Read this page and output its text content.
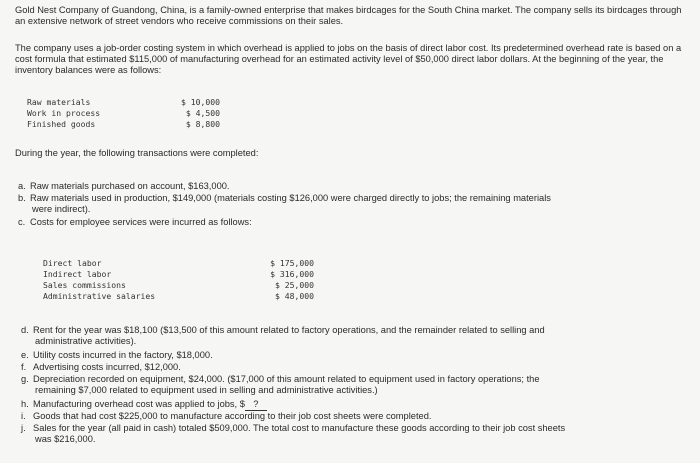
Gold Nest Company of Guandong, China, is a family-owned enterprise that makes birdcages for the South China market. The company sells its birdcages through an extensive network of street vendors who receive commissions on their sales.
The company uses a job-order costing system in which overhead is applied to jobs on the basis of direct labor cost. Its predetermined overhead rate is based on a cost formula that estimated $115,000 of manufacturing overhead for an estimated activity level of $50,000 direct labor dollars. At the beginning of the year, the inventory balances were as follows:
Raw materials	$ 10,000
Work in process	$ 4,500
Finished goods	$ 8,800
During the year, the following transactions were completed:
a. Raw materials purchased on account, $163,000.
b. Raw materials used in production, $149,000 (materials costing $126,000 were charged directly to jobs; the remaining materials
were indirect).
c. Costs for employee services were incurred as follows:
Direct labor	$ 175,000
Indirect labor	$ 316,000
Sales commissions	$ 25,000
Administrative salaries	$ 48,000
d. Rent for the year was $18,100 ($13,500 of this amount related to factory operations, and the remainder related to selling and
administrative activities).
e. Utility costs incurred in the factory, $18,000.
f. Advertising costs incurred, $12,000.
g. Depreciation recorded on equipment, $24,000. ($17,000 of this amount related to equipment used in factory operations; the
remaining $7,000 related to equipment used in selling and administrative activities.)
h. Manufacturing overhead cost was applied to jobs, $ ?
i. Goods that had cost $225,000 to manufacture according to their job cost sheets were completed.
j. Sales for the year (all paid in cash) totaled $509,000. The total cost to manufacture these goods according to their job cost sheets
was $216,000.
